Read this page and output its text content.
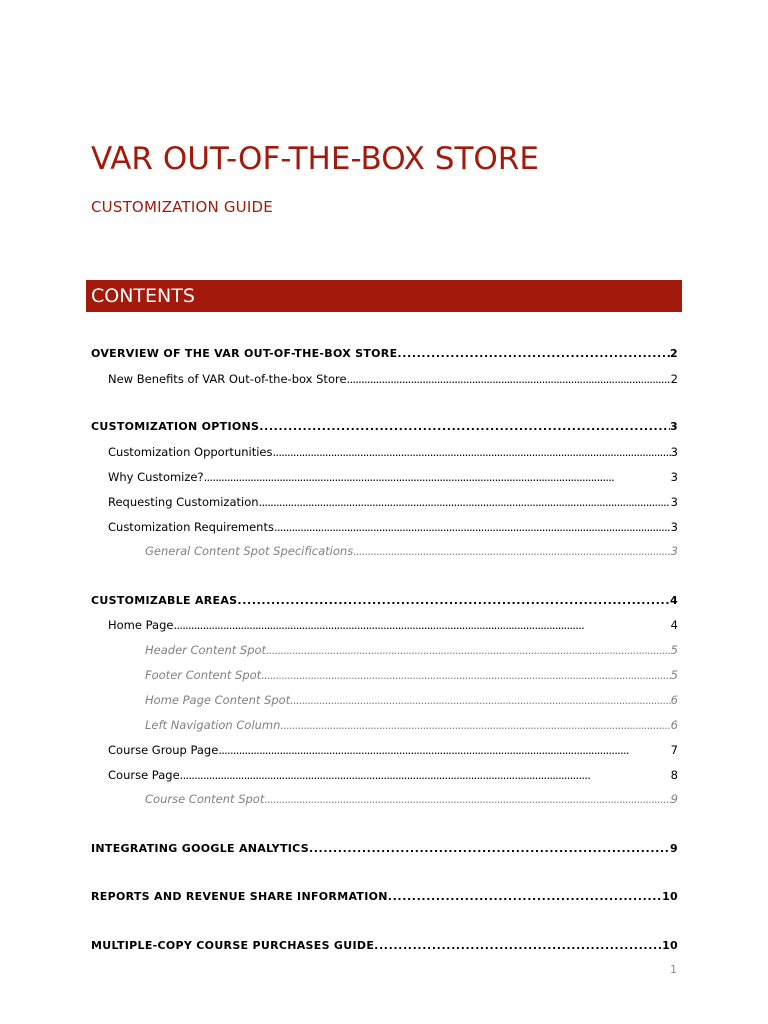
VAR OUT-OF-THE-BOX STORE
CUSTOMIZATION GUIDE
CONTENTS
OVERVIEW OF THE VAR OUT-OF-THE-BOX STORE . . .	2
New Benefits of VAR Out-of-the-box Store . . .	2
CUSTOMIZATION OPTIONS . . .	3
Customization Opportunities . . .	3
Why Customize? . . .	3
Requesting Customization . . .	3
Customization Requirements . . .	3
General Content Spot Specifications . . .	3
CUSTOMIZABLE AREAS . . .	4
Home Page . . .	4
Header Content Spot . . .	5
Footer Content Spot . . .	5
Home Page Content Spot . . .	6
Left Navigation Column . . .	6
Course Group Page . . .	7
Course Page . . .	8
Course Content Spot . . .	9
INTEGRATING GOOGLE ANALYTICS . . .	9
REPORTS AND REVENUE SHARE INFORMATION . . .	10
MULTIPLE-COPY COURSE PURCHASES GUIDE . . .	10
1
